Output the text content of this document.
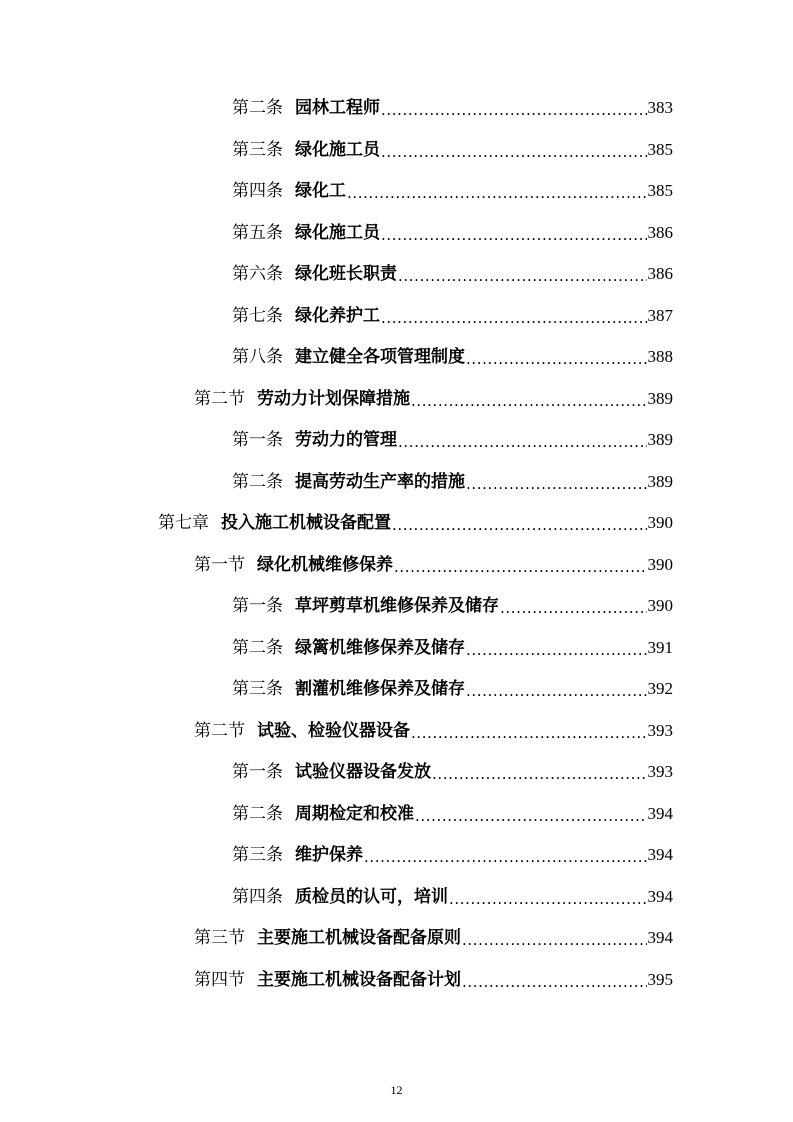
第二条 园林工程师 .....	383
第三条 绿化施工员 .....	385
第四条 绿化工 .....	385
第五条 绿化施工员 .....	386
第六条 绿化班长职责 .....	386
第七条 绿化养护工 .....	387
第八条 建立健全各项管理制度 .....	388
第二节 劳动力计划保障措施 .....	389
第一条 劳动力的管理 .....	389
第二条 提高劳动生产率的措施 .....	389
第七章 投入施工机械设备配置 .....	390
第一节 绿化机械维修保养 .....	390
第一条 草坪剪草机维修保养及储存 .....	390
第二条 绿篱机维修保养及储存 .....	391
第三条 割灌机维修保养及储存 .....	392
第二节 试验、检验仪器设备 .....	393
第一条 试验仪器设备发放 .....	393
第二条 周期检定和校准 .....	394
第三条 维护保养 .....	394
第四条 质检员的认可，培训 .....	394
第三节 主要施工机械设备配备原则 .....	394
第四节 主要施工机械设备配备计划 .....	395
12
